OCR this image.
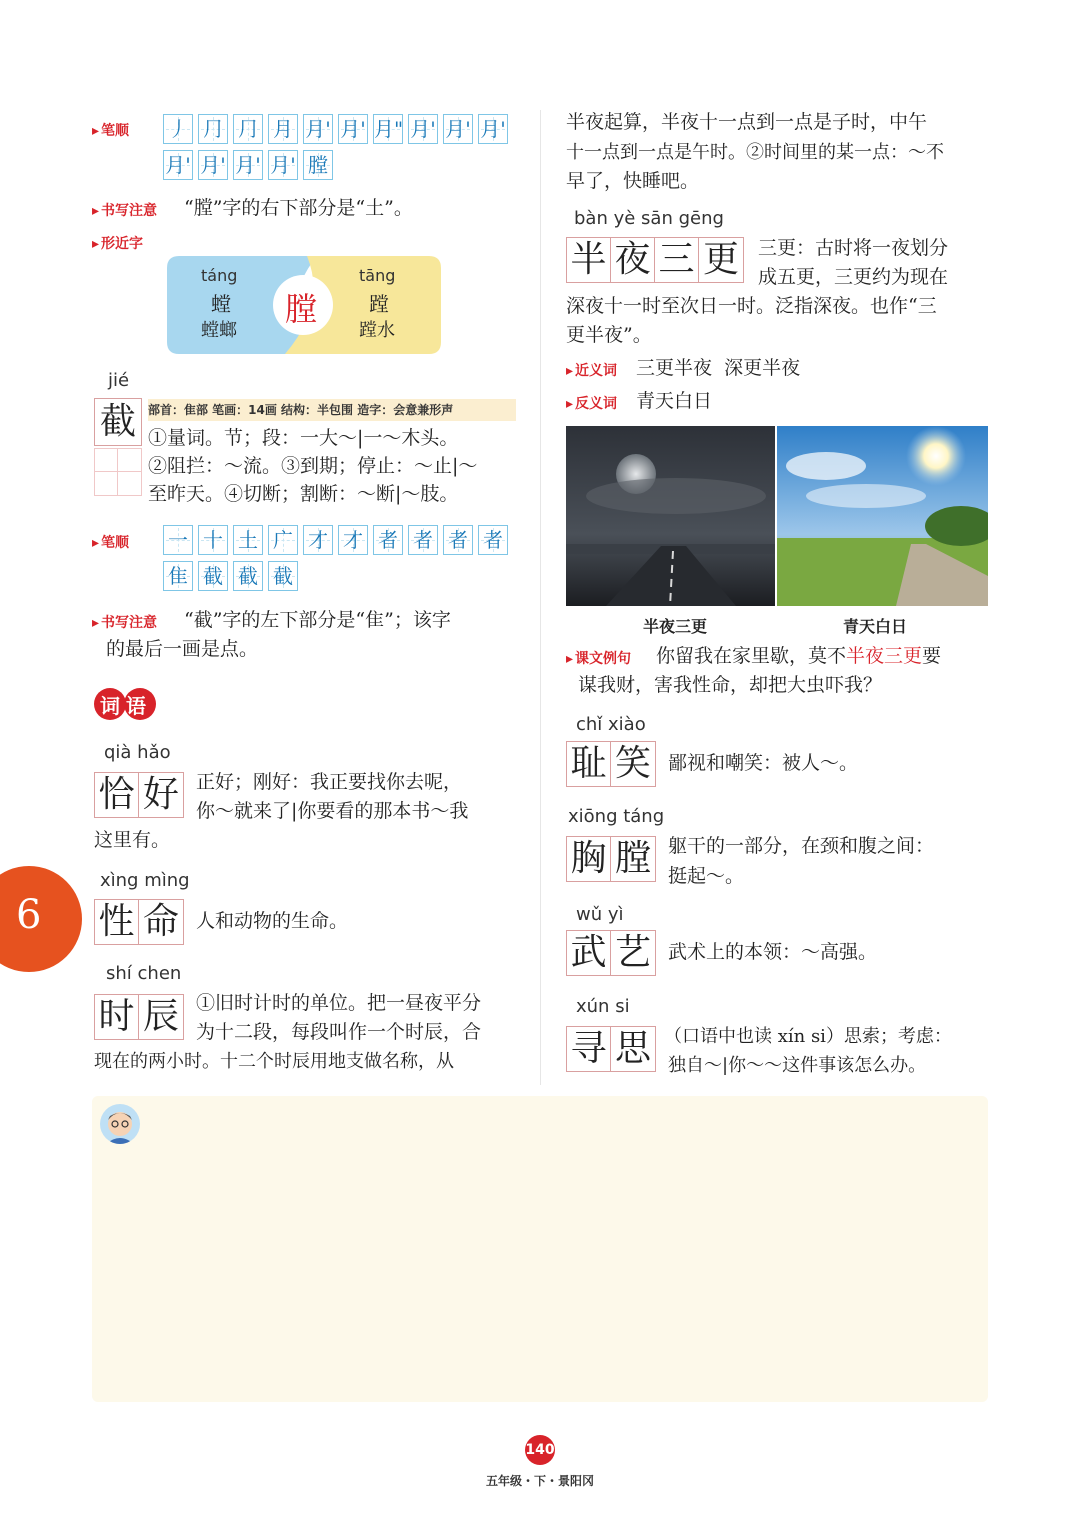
▸ 笔顺 丿 ⺆ ⺆ 月 月' 月' 月" 月' 月' 月'
月' 月' 月' 月' 膛
▸ 书写注意 “膛”字的右下部分是“土”。
▸ 形近字
táng
螳
螳螂
膛
tāng
蹚
蹚水
jié
截	部首：隹部 笔画：14画 结构：半包围 造字：会意兼形声
①量词。节；段：一大～|一～木头。
②阻拦：～流。③到期；停止：～止|～
至昨天。④切断；割断：～断|～肢。
▸ 笔顺 一 十 土 广 才 才 者 者 者 者
隹 截 截 截
▸ 书写注意 “截”字的左下部分是“隹”；该字
的最后一画是点。
词语
qià hǎo
恰 好 正好；刚好：我正要找你去呢，
你～就来了|你要看的那本书～我
这里有。
xìng mìng
性 命 人和动物的生命。
shí chen
时 辰 ①旧时计时的单位。把一昼夜平分
为十二段，每段叫作一个时辰，合
现在的两小时。十二个时辰用地支做名称，从
6
半夜起算，半夜十一点到一点是子时，中午
十一点到一点是午时。②时间里的某一点：～不
早了，快睡吧。
bàn yè sān gēng
半 夜 三 更 三更：古时将一夜划分
成五更，三更约为现在
深夜十一时至次日一时。泛指深夜。也作“三
更半夜”。
▸ 近义词 三更半夜  深更半夜
▸ 反义词 青天白日
半夜三更	青天白日
▸ 课文例句 你留我在家里歇，莫不半夜三更要
谋我财，害我性命，却把大虫吓我？
chǐ xiào
耻 笑 鄙视和嘲笑：被人～。
xiōng táng
胸 膛 躯干的一部分，在颈和腹之间：
挺起～。
wǔ yì
武 艺 武术上的本领：～高强。
xún si
寻 思 （口语中也读 xín si）思索；考虑：
独自～|你～～这件事该怎么办。
140
五年级・下・景阳冈
